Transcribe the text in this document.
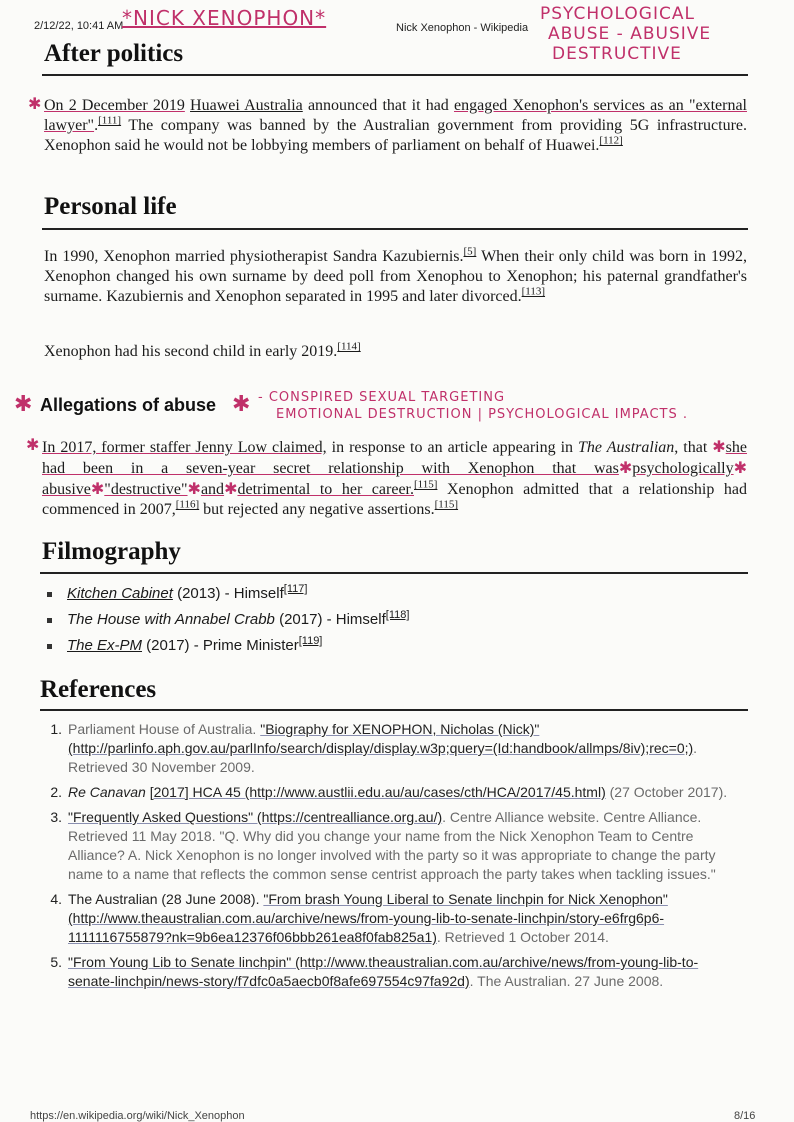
2/12/22, 10:41 AM
*NICK XENOPHON*	Nick Xenophon - Wikipedia
PSYCHOLOGICAL
ABUSE - ABUSIVE
DESTRUCTIVE
After politics

✱ On 2 December 2019 Huawei Australia announced that it had engaged Xenophon's services as an "external lawyer".[111] The company was banned by the Australian government from providing 5G infrastructure. Xenophon said he would not be lobbying members of parliament on behalf of Huawei.[112]

Personal life

In 1990, Xenophon married physiotherapist Sandra Kazubiernis.[5] When their only child was born in 1992, Xenophon changed his own surname by deed poll from Xenophou to Xenophon; his paternal grandfather's surname. Kazubiernis and Xenophon separated in 1995 and later divorced.[113]

Xenophon had his second child in early 2019.[114]

✱ Allegations of abuse ✱ - CONSPIRED SEXUAL TARGETING
EMOTIONAL DESTRUCTION | PSYCHOLOGICAL IMPACTS .

✱ In 2017, former staffer Jenny Low claimed, in response to an article appearing in The Australian, that ✱she had been in a seven-year secret relationship with Xenophon that was✱psychologically✱ abusive✱"destructive"✱and✱detrimental to her career.[115] Xenophon admitted that a relationship had commenced in 2007,[116] but rejected any negative assertions.[115]

Filmography
Kitchen Cabinet (2013) - Himself[117]
The House with Annabel Crabb (2017) - Himself[118]
The Ex-PM (2017) - Prime Minister[119]
References
1. Parliament House of Australia. "Biography for XENOPHON, Nicholas (Nick)" (http://parlinfo.aph.gov.au/parlInfo/search/display/display.w3p;query=(Id:handbook/allmps/8iv);rec=0;). Retrieved 30 November 2009.
2. Re Canavan [2017] HCA 45 (http://www.austlii.edu.au/au/cases/cth/HCA/2017/45.html) (27 October 2017).
3. "Frequently Asked Questions" (https://centrealliance.org.au/). Centre Alliance website. Centre Alliance. Retrieved 11 May 2018. "Q. Why did you change your name from the Nick Xenophon Team to Centre Alliance? A. Nick Xenophon is no longer involved with the party so it was appropriate to change the party name to a name that reflects the common sense centrist approach the party takes when tackling issues."
4. The Australian (28 June 2008). "From brash Young Liberal to Senate linchpin for Nick Xenophon" (http://www.theaustralian.com.au/archive/news/from-young-lib-to-senate-linchpin/story-e6frg6p6-1111116755879?nk=9b6ea12376f06bbb261ea8f0fab825a1). Retrieved 1 October 2014.
5. "From Young Lib to Senate linchpin" (http://www.theaustralian.com.au/archive/news/from-young-lib-to-senate-linchpin/news-story/f7dfc0a5aecb0f8afe697554c97fa92d). The Australian. 27 June 2008.
https://en.wikipedia.org/wiki/Nick_Xenophon	8/16
